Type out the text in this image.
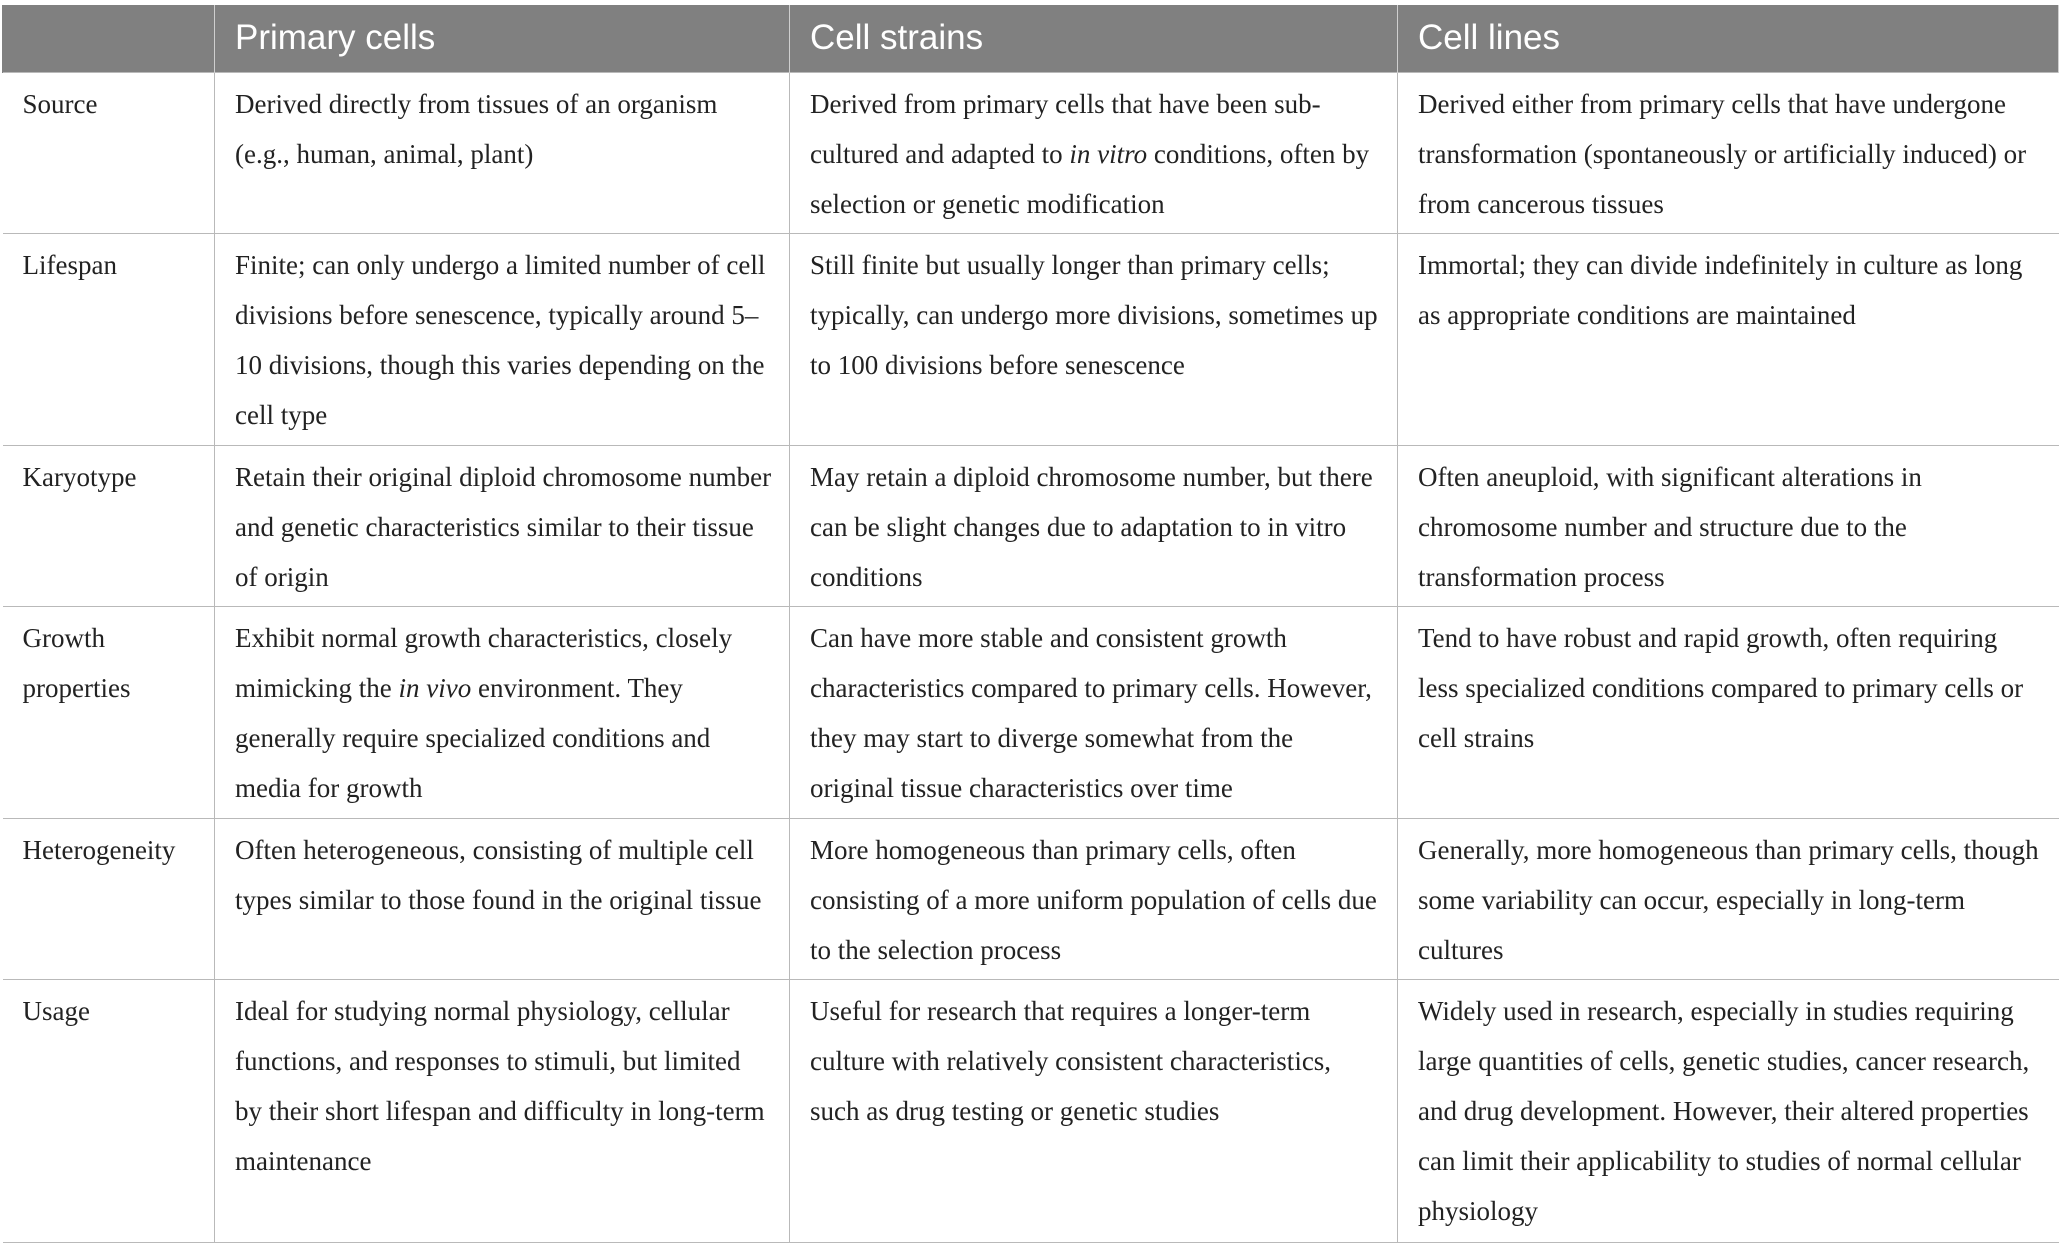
	Primary cells	Cell strains	Cell lines
Source	Derived directly from tissues of an organism (e.g., human, animal, plant)	Derived from primary cells that have been sub-cultured and adapted to in vitro conditions, often by selection or genetic modification	Derived either from primary cells that have undergone transformation (spontaneously or artificially induced) or from cancerous tissues
Lifespan	Finite; can only undergo a limited number of cell divisions before senescence, typically around 5–10 divisions, though this varies depending on the cell type	Still finite but usually longer than primary cells; typically, can undergo more divisions, sometimes up to 100 divisions before senescence	Immortal; they can divide indefinitely in culture as long as appropriate conditions are maintained
Karyotype	Retain their original diploid chromosome number and genetic characteristics similar to their tissue of origin	May retain a diploid chromosome number, but there can be slight changes due to adaptation to in vitro conditions	Often aneuploid, with significant alterations in chromosome number and structure due to the transformation process
Growth properties	Exhibit normal growth characteristics, closely mimicking the in vivo environment. They generally require specialized conditions and media for growth	Can have more stable and consistent growth characteristics compared to primary cells. However, they may start to diverge somewhat from the original tissue characteristics over time	Tend to have robust and rapid growth, often requiring less specialized conditions compared to primary cells or cell strains
Heterogeneity	Often heterogeneous, consisting of multiple cell types similar to those found in the original tissue	More homogeneous than primary cells, often consisting of a more uniform population of cells due to the selection process	Generally, more homogeneous than primary cells, though some variability can occur, especially in long-term cultures
Usage	Ideal for studying normal physiology, cellular functions, and responses to stimuli, but limited by their short lifespan and difficulty in long-term maintenance	Useful for research that requires a longer-term culture with relatively consistent characteristics, such as drug testing or genetic studies	Widely used in research, especially in studies requiring large quantities of cells, genetic studies, cancer research, and drug development. However, their altered properties can limit their applicability to studies of normal cellular physiology
